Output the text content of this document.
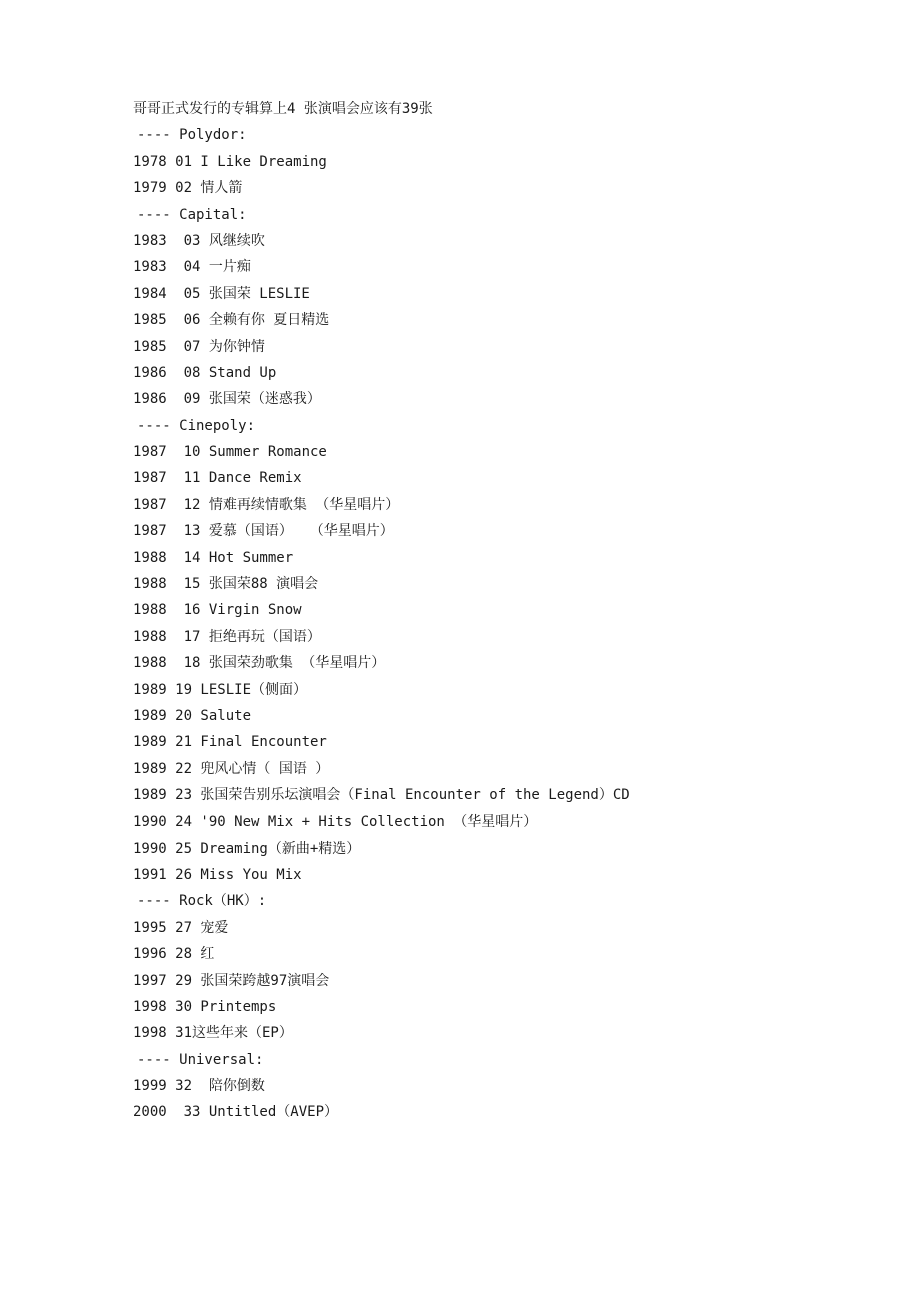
哥哥正式发行的专辑算上4 张演唱会应该有39张
---- Polydor:
1978 01 I Like Dreaming
1979 02 情人箭
---- Capital:
1983  03 风继续吹
1983  04 一片痴
1984  05 张国荣 LESLIE
1985  06 全赖有你 夏日精选
1985  07 为你钟情
1986  08 Stand Up
1986  09 张国荣（迷惑我）
---- Cinepoly:
1987  10 Summer Romance
1987  11 Dance Remix
1987  12 情难再续情歌集 （华星唱片）
1987  13 爱慕（国语）  （华星唱片）
1988  14 Hot Summer
1988  15 张国荣88 演唱会
1988  16 Virgin Snow
1988  17 拒绝再玩（国语）
1988  18 张国荣劲歌集 （华星唱片）
1989 19 LESLIE（侧面）
1989 20 Salute
1989 21 Final Encounter
1989 22 兜风心情（ 国语 ）
1989 23 张国荣告别乐坛演唱会（Final Encounter of the Legend）CD
1990 24 '90 New Mix + Hits Collection （华星唱片）
1990 25 Dreaming（新曲+精选）
1991 26 Miss You Mix
---- Rock（HK）:
1995 27 宠爱
1996 28 红
1997 29 张国荣跨越97演唱会
1998 30 Printemps
1998 31这些年来（EP）
---- Universal:
1999 32  陪你倒数
2000  33 Untitled（AVEP）
